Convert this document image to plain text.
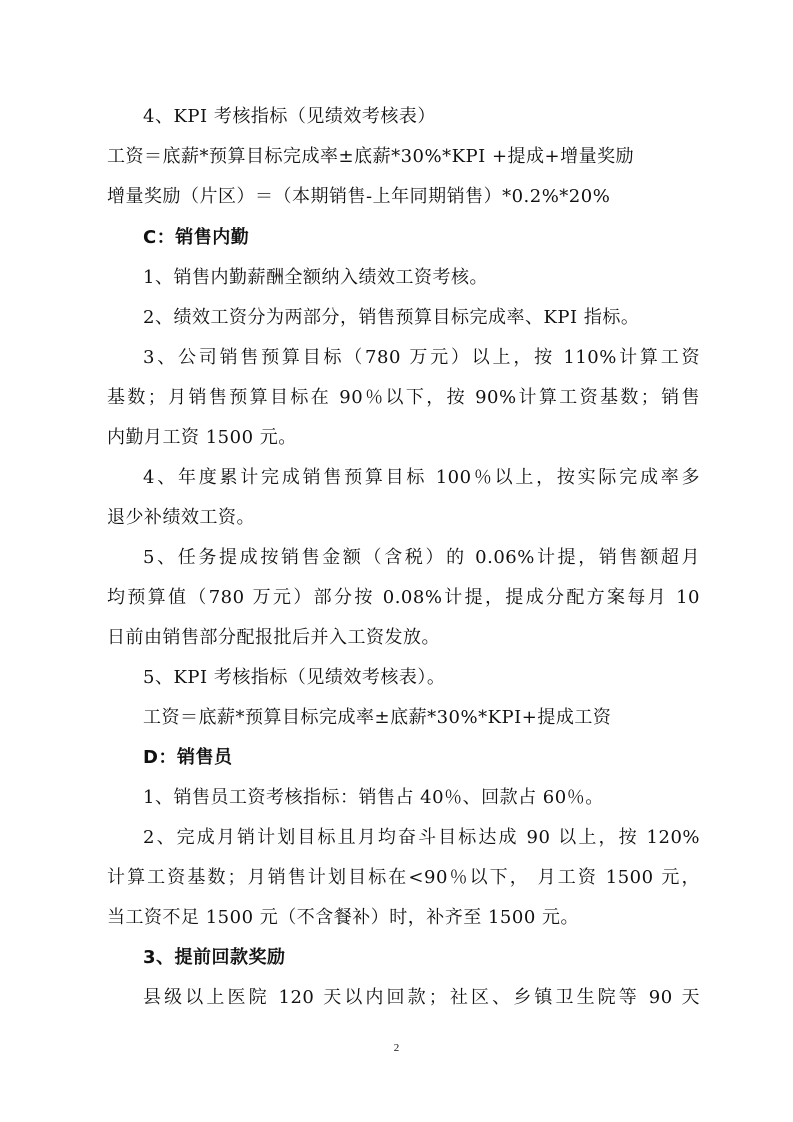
4、KPI 考核指标（见绩效考核表）
工资＝底薪*预算目标完成率±底薪*30%*KPI +提成+增量奖励
增量奖励（片区）＝（本期销售-上年同期销售）*0.2%*20%
C：销售内勤
1、销售内勤薪酬全额纳入绩效工资考核。
2、绩效工资分为两部分，销售预算目标完成率、KPI 指标。
3、公司销售预算目标（780 万元）以上，按 110%计算工资
基数；月销售预算目标在 90％以下，按 90%计算工资基数；销售
内勤月工资 1500 元。
4、年度累计完成销售预算目标 100％以上，按实际完成率多
退少补绩效工资。
5、任务提成按销售金额（含税）的 0.06%计提，销售额超月
均预算值（780 万元）部分按 0.08%计提，提成分配方案每月 10
日前由销售部分配报批后并入工资发放。
5、KPI 考核指标（见绩效考核表）。
工资＝底薪*预算目标完成率±底薪*30%*KPI+提成工资
D：销售员
1、销售员工资考核指标：销售占 40％、回款占 60％。
2、完成月销计划目标且月均奋斗目标达成 90 以上，按 120%
计算工资基数；月销售计划目标在<90％以下， 月工资 1500 元，
当工资不足 1500 元（不含餐补）时，补齐至 1500 元。
3、提前回款奖励
县级以上医院 120 天以内回款；社区、乡镇卫生院等 90 天
2
